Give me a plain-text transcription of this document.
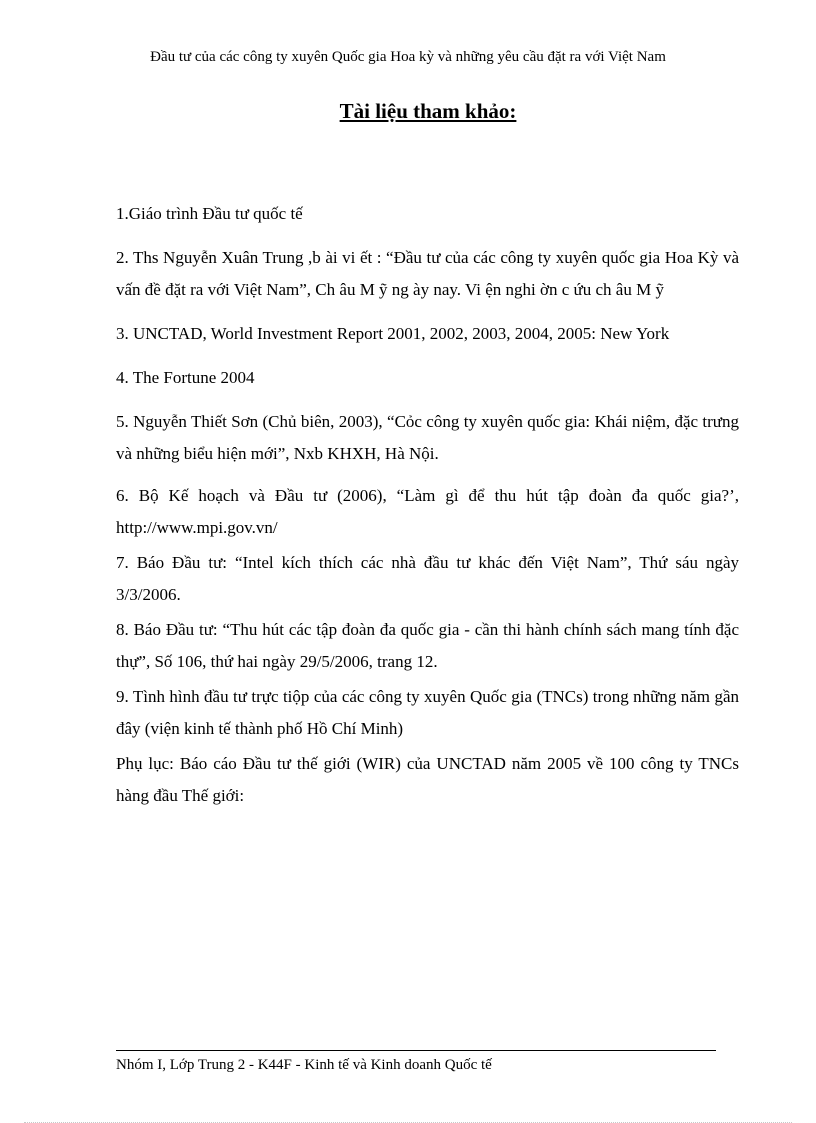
Đầu tư của các công ty xuyên Quốc gia Hoa kỳ và những yêu cầu đặt ra với Việt Nam
Tài liệu tham khảo:

1.Giáo trình Đầu tư quốc tế

2. Ths Nguyễn Xuân Trung ,b ài vi ết : “Đầu tư của các công ty xuyên quốc gia Hoa Kỳ và vấn đề đặt ra với Việt Nam”, Ch âu M ỹ ng ày nay. Vi ện nghi ờn c ứu ch âu M ỹ

3. UNCTAD, World Investment Report 2001, 2002, 2003, 2004, 2005: New York

4. The Fortune 2004

5. Nguyễn Thiết Sơn (Chủ biên, 2003), “Cỏc công ty xuyên quốc gia: Khái niệm, đặc trưng và những biểu hiện mới”, Nxb KHXH, Hà Nội.

6. Bộ Kế hoạch và Đầu tư (2006), “Làm gì để thu hút tập đoàn đa quốc gia?’, http://www.mpi.gov.vn/

7. Báo Đầu tư: “Intel kích thích các nhà đầu tư khác đến Việt Nam”, Thứ sáu ngày 3/3/2006.

8. Báo Đầu tư: “Thu hút các tập đoàn đa quốc gia - cần thi hành chính sách mang tính đặc thự”, Số 106, thứ hai ngày 29/5/2006, trang 12.

9. Tình hình đầu tư trực tiộp của các công ty xuyên Quốc gia (TNCs) trong những năm gần đây (viện kinh tế thành phố Hồ Chí Minh)

Phụ lục: Báo cáo Đầu tư thế giới (WIR) của UNCTAD năm 2005 về 100 công ty TNCs hàng đầu Thế giới:

Nhóm I, Lớp Trung 2 - K44F - Kinh tế và Kinh doanh Quốc tế
